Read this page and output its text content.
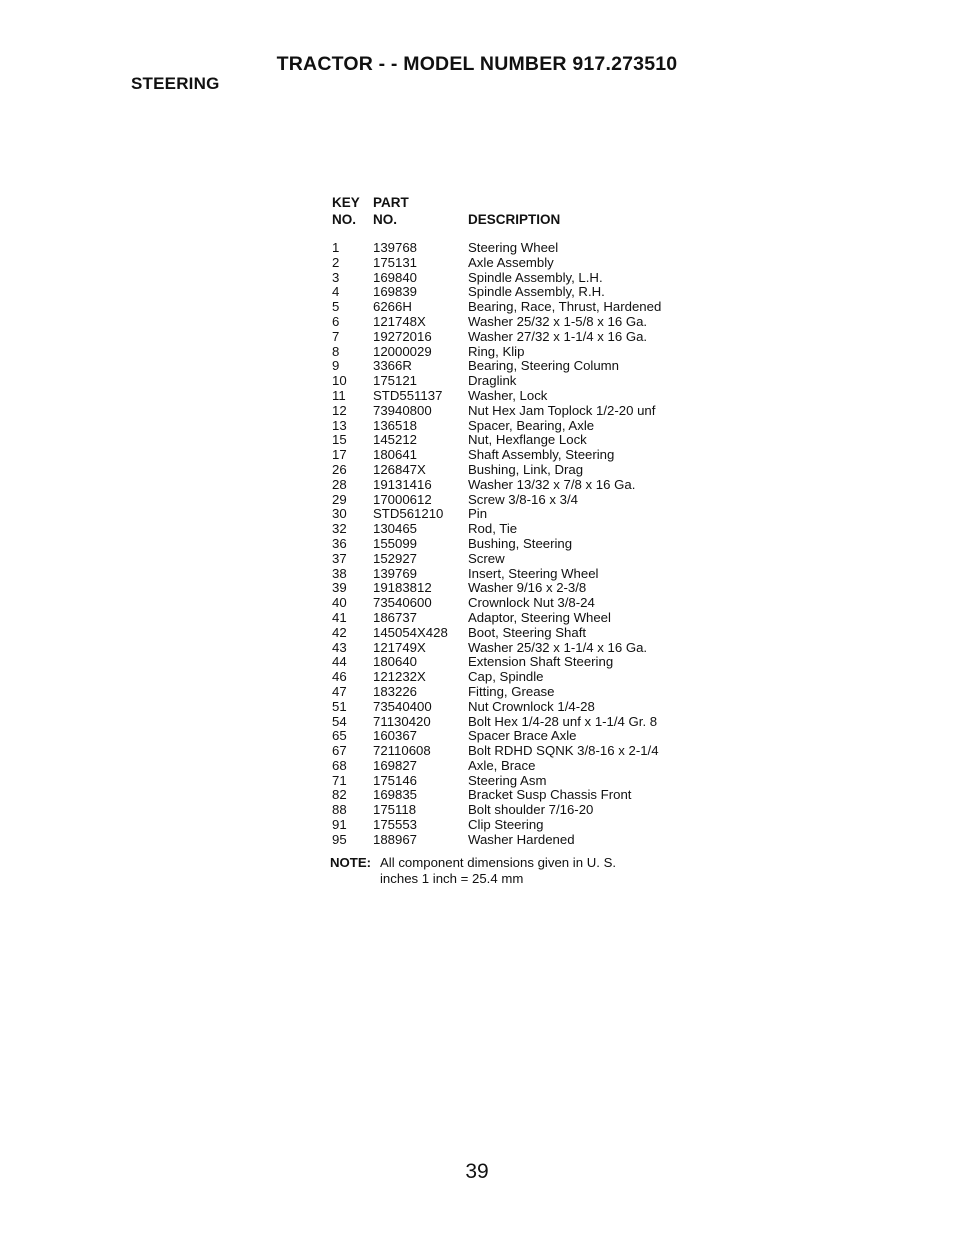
TRACTOR - - MODEL NUMBER 917.273510
STEERING
KEY PART
NO.	NO.	DESCRIPTION
1	139768	Steering Wheel
2	175131	Axle Assembly
3	169840	Spindle Assembly, L.H.
4	169839	Spindle Assembly, R.H.
5	6266H	Bearing, Race, Thrust, Hardened
6	121748X	Washer 25/32 x 1-5/8 x 16 Ga.
7	19272016	Washer 27/32 x 1-1/4 x 16 Ga.
8	12000029	Ring, Klip
9	3366R	Bearing, Steering Column
10	175121	Draglink
11	STD551137	Washer, Lock
12	73940800	Nut Hex Jam Toplock 1/2-20 unf
13	136518	Spacer, Bearing, Axle
15	145212	Nut, Hexflange Lock
17	180641	Shaft Assembly, Steering
26	126847X	Bushing, Link, Drag
28	19131416	Washer 13/32 x 7/8 x 16 Ga.
29	17000612	Screw 3/8-16 x 3/4
30	STD561210	Pin
32	130465	Rod, Tie
36	155099	Bushing, Steering
37	152927	Screw
38	139769	Insert, Steering Wheel
39	19183812	Washer 9/16 x 2-3/8
40	73540600	Crownlock Nut 3/8-24
41	186737	Adaptor, Steering Wheel
42	145054X428	Boot, Steering Shaft
43	121749X	Washer 25/32 x 1-1/4 x 16 Ga.
44	180640	Extension Shaft Steering
46	121232X	Cap, Spindle
47	183226	Fitting, Grease
51	73540400	Nut Crownlock 1/4-28
54	71130420	Bolt Hex 1/4-28 unf x 1-1/4 Gr. 8
65	160367	Spacer Brace Axle
67	72110608	Bolt RDHD SQNK 3/8-16 x 2-1/4
68	169827	Axle, Brace
71	175146	Steering Asm
82	169835	Bracket Susp Chassis Front
88	175118	Bolt shoulder 7/16-20
91	175553	Clip Steering
95	188967	Washer Hardened
NOTE: All component dimensions given in U. S. inches 1 inch = 25.4 mm
39
